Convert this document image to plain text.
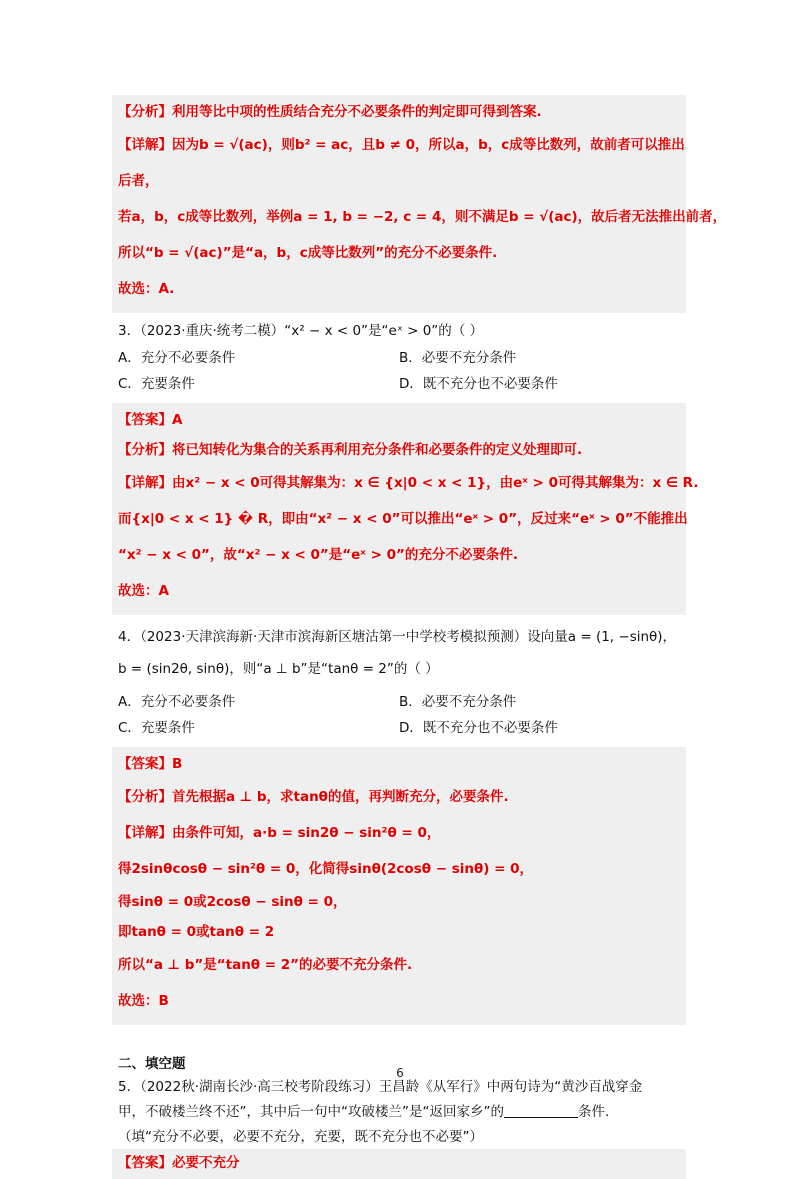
【分析】利用等比中项的性质结合充分不必要条件的判定即可得到答案.
【详解】因为b = √(ac)，则b² = ac，且b ≠ 0，所以a，b，c成等比数列，故前者可以推出
后者，
若a，b，c成等比数列，举例a = 1, b = −2, c = 4，则不满足b = √(ac)，故后者无法推出前者，
所以“b = √(ac)”是“a，b，c成等比数列”的充分不必要条件.
故选：A.
3．（2023·重庆·统考二模）“x² − x < 0”是“eˣ > 0”的（ ）
A．充分不必要条件	B．必要不充分条件
C．充要条件	D．既不充分也不必要条件
【答案】A
【分析】将已知转化为集合的关系再利用充分条件和必要条件的定义处理即可.
【详解】由x² − x < 0可得其解集为：x ∈ {x|0 < x < 1}，由eˣ > 0可得其解集为：x ∈ R.
而{x|0 < x < 1} � R，即由“x² − x < 0”可以推出“eˣ > 0”，反过来“eˣ > 0”不能推出
“x² − x < 0”，故“x² − x < 0”是“eˣ > 0”的充分不必要条件.
故选：A
4．（2023·天津滨海新·天津市滨海新区塘沽第一中学校考模拟预测）设向量a = (1, −sinθ)，
b = (sin2θ, sinθ)，则“a ⊥ b”是“tanθ = 2”的（ ）
A．充分不必要条件	B．必要不充分条件
C．充要条件	D．既不充分也不必要条件
【答案】B
【分析】首先根据a ⊥ b，求tanθ的值，再判断充分，必要条件.
【详解】由条件可知，a·b = sin2θ − sin²θ = 0，
得2sinθcosθ − sin²θ = 0，化简得sinθ(2cosθ − sinθ) = 0，
得sinθ = 0或2cosθ − sinθ = 0，
即tanθ = 0或tanθ = 2
所以“a ⊥ b”是“tanθ = 2”的必要不充分条件.
故选：B
二、填空题
5．（2022秋·湖南长沙·高三校考阶段练习）王昌龄《从军行》中两句诗为“黄沙百战穿金
甲，不破楼兰终不还”，其中后一句中“攻破楼兰”是“返回家乡”的	条件.
（填“充分不必要，必要不充分，充要，既不充分也不必要”）
【答案】必要不充分
6
